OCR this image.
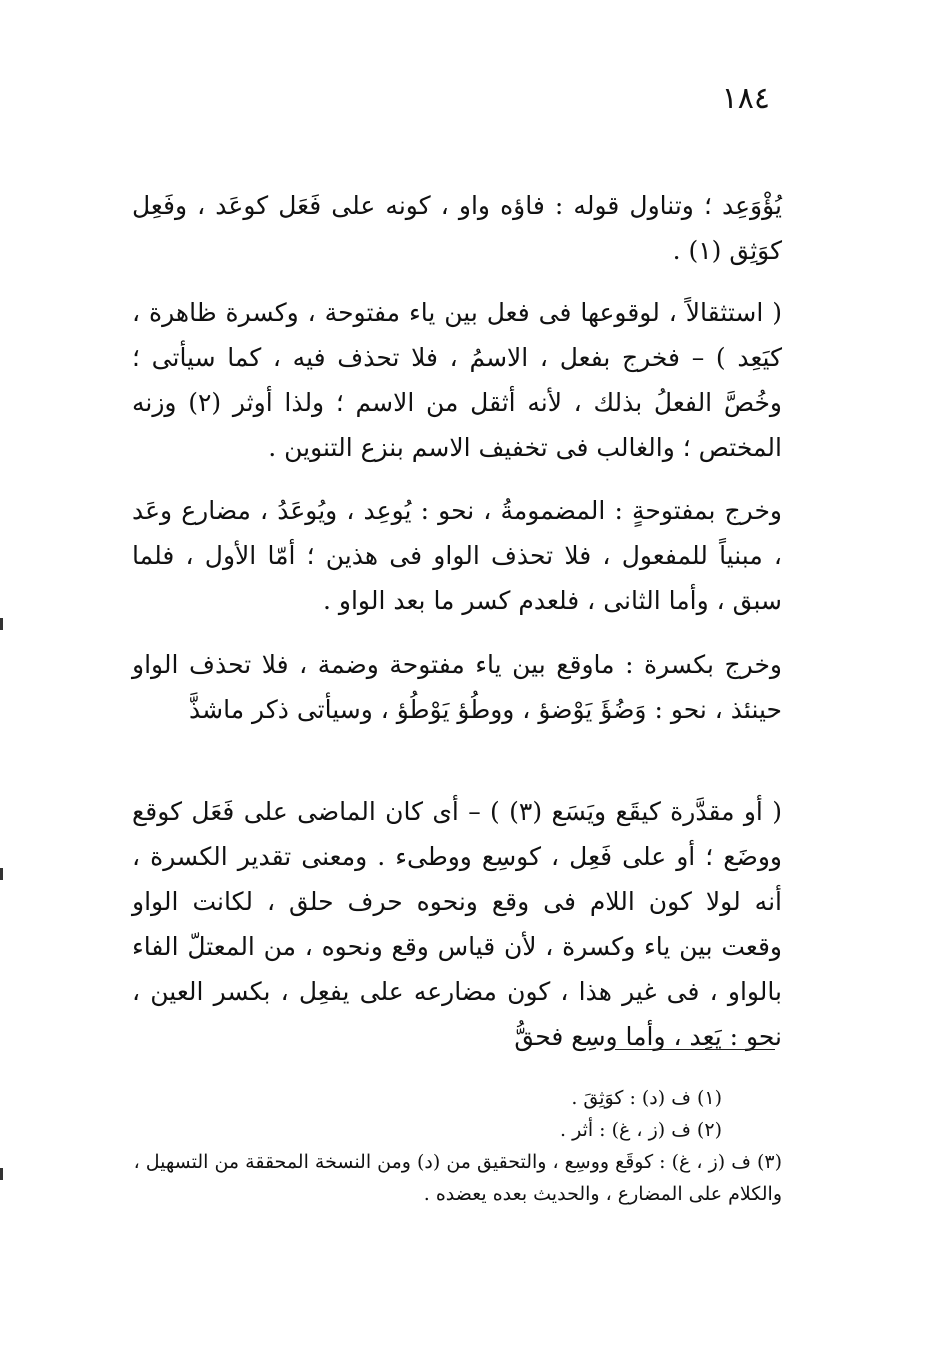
١٨٤

يُؤْوَعِد ؛ وتناول قوله : فاؤه واو ، كونه على فَعَل كوعَد ، وفَعِل كوَثِق (١) .

( استثقالاً ، لوقوعها فى فعل بين ياء مفتوحة ، وكسرة ظاهرة ، كيَعِد ) – فخرج بفعل ، الاسمُ ، فلا تحذف فيه ، كما سيأتى ؛ وخُصَّ الفعلُ بذلك ، لأنه أثقل من الاسم ؛ ولذا أوثر (٢) وزنه المختص ؛ والغالب فى تخفيف الاسم بنزع التنوين .

وخرج بمفتوحةٍ : المضمومةُ ، نحو : يُوعِد ، ويُوعَدُ ، مضارع وعَد ، مبنياً للمفعول ، فلا تحذف الواو فى هذين ؛ أمّا الأول ، فلما سبق ، وأما الثانى ، فلعدم كسر ما بعد الواو .

وخرج بكسرة : ماوقع بين ياء مفتوحة وضمة ، فلا تحذف الواو حينئذ ، نحو : وَضُؤَ يَوْضؤ ، ووطُؤ يَوْطُؤ ، وسيأتى ذكر ماشذَّ

( أو مقدَّرة كيقَع ويَسَع (٣) ) – أى كان الماضى على فَعَل كوقع ووضَع ؛ أو على فَعِل ، كوسِع ووطىء . ومعنى تقدير الكسرة ، أنه لولا كون اللام فى وقع ونحوه حرف حلق ، لكانت الواو وقعت بين ياء وكسرة ، لأن قياس وقع ونحوه ، من المعتلّ الفاء بالواو ، فى غير هذا ، كون مضارعه على يفعِل ، بكسر العين ، نحو : يَعِد ، وأما وسِع فحقُّ

(١) ف (د) : كوَثِقَ .

(٢) ف (ز ، غ) : أثر .

(٣) ف (ز ، غ) : كوقَع ووسِع ، والتحقيق من (د) ومن النسخة المحققة من التسهيل ، والكلام على المضارع ، والحديث بعده يعضده .
